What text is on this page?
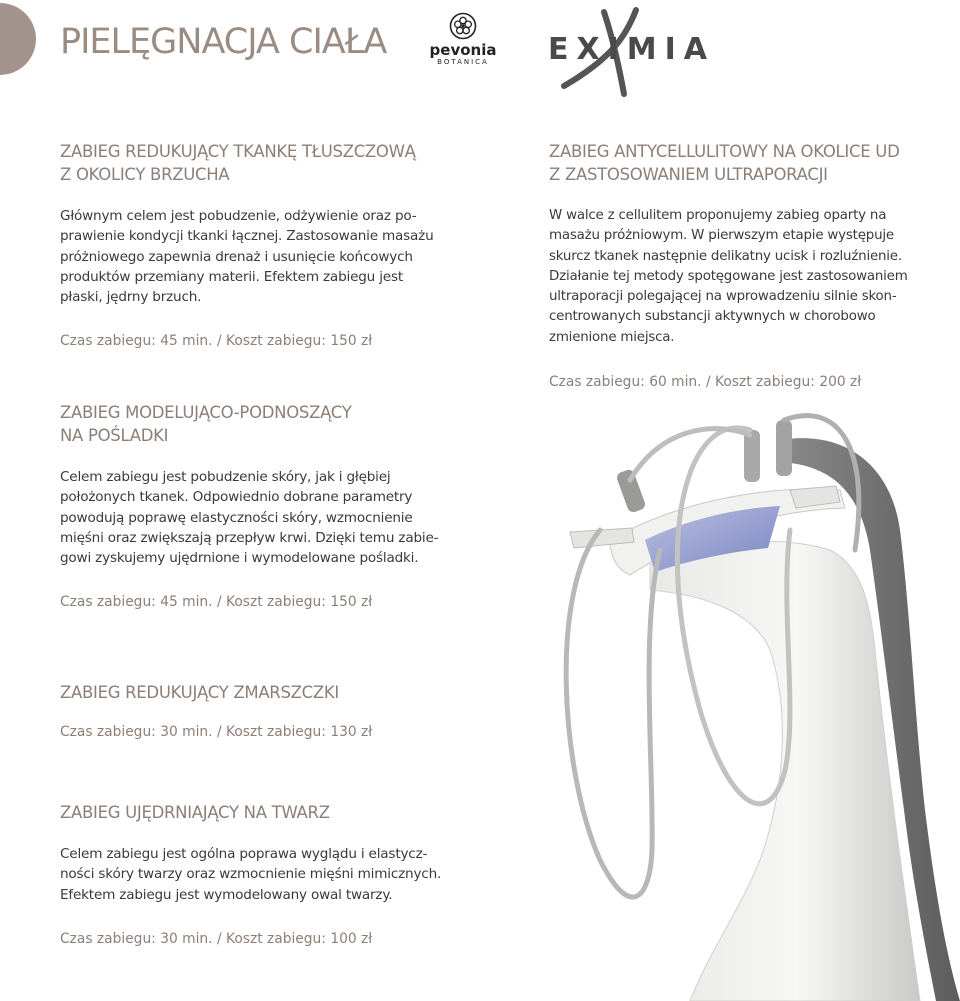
PIELĘGNACJA CIAŁA	pevonia
BOTANICA	EXIMIA
ZABIEG REDUKUJĄCY TKANKĘ TŁUSZCZOWĄ
Z OKOLICY BRZUCHA

Głównym celem jest pobudzenie, odżywienie oraz po-
prawienie kondycji tkanki łącznej. Zastosowanie masażu
próżniowego zapewnia drenaż i usunięcie końcowych
produktów przemiany materii. Efektem zabiegu jest
płaski, jędrny brzuch.

Czas zabiegu: 45 min. / Koszt zabiegu: 150 zł

ZABIEG MODELUJĄCO-PODNOSZĄCY
NA POŚLADKI

Celem zabiegu jest pobudzenie skóry, jak i głębiej
położonych tkanek. Odpowiednio dobrane parametry
powodują poprawę elastyczności skóry, wzmocnienie
mięśni oraz zwiększają przepływ krwi. Dzięki temu zabie-
gowi zyskujemy ujędrnione i wymodelowane pośladki.

Czas zabiegu: 45 min. / Koszt zabiegu: 150 zł

ZABIEG REDUKUJĄCY ZMARSZCZKI

Czas zabiegu: 30 min. / Koszt zabiegu: 130 zł

ZABIEG UJĘDRNIAJĄCY NA TWARZ

Celem zabiegu jest ogólna poprawa wyglądu i elastycz-
ności skóry twarzy oraz wzmocnienie mięśni mimicznych.
Efektem zabiegu jest wymodelowany owal twarzy.

Czas zabiegu: 30 min. / Koszt zabiegu: 100 zł

ZABIEG ANTYCELLULITOWY NA OKOLICE UD
Z ZASTOSOWANIEM ULTRAPORACJI

W walce z cellulitem proponujemy zabieg oparty na
masażu próżniowym. W pierwszym etapie występuje
skurcz tkanek następnie delikatny ucisk i rozluźnienie.
Działanie tej metody spotęgowane jest zastosowaniem
ultraporacji polegającej na wprowadzeniu silnie skon-
centrowanych substancji aktywnych w chorobowo
zmienione miejsca.

Czas zabiegu: 60 min. / Koszt zabiegu: 200 zł
